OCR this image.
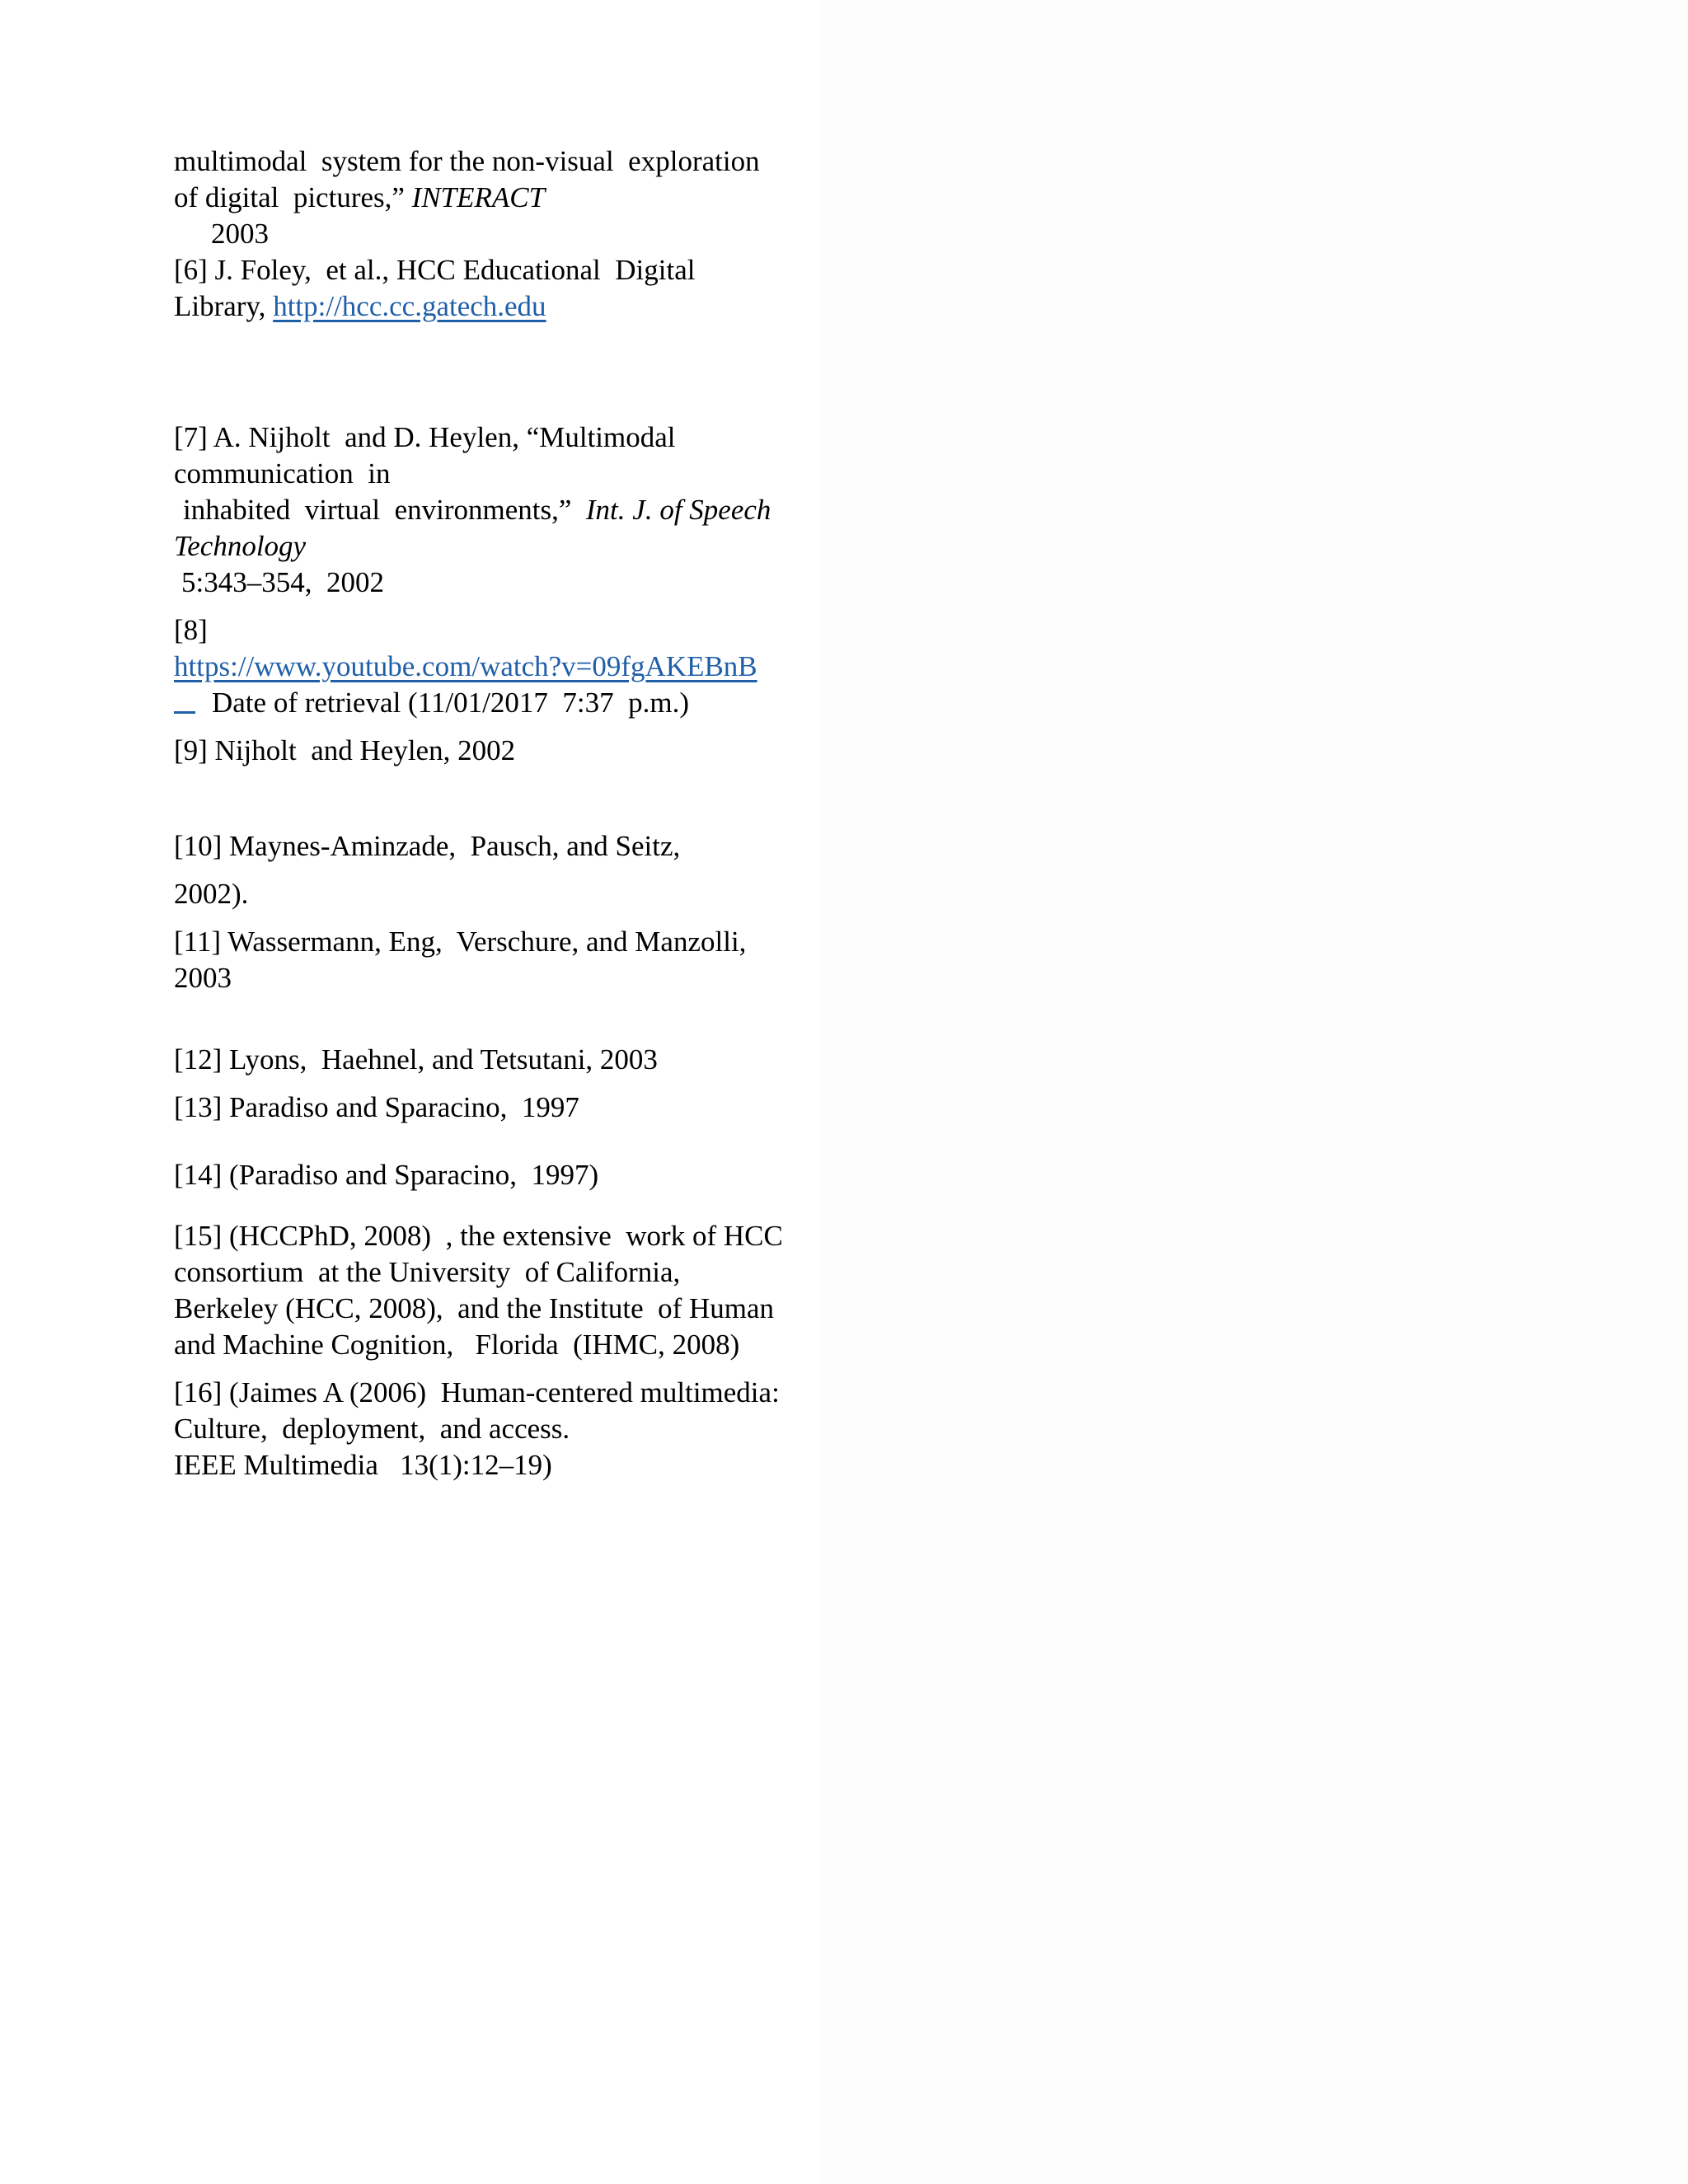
multimodal  system for the non-visual  exploration
of digital  pictures,” INTERACT
2003
[6] J. Foley,  et al., HCC Educational  Digital
Library, http://hcc.cc.gatech.edu
[7] A. Nijholt  and D. Heylen, “Multimodal
communication  in
inhabited  virtual  environments,”  Int. J. of Speech
Technology
5:343–354,  2002
[8]
https://www.youtube.com/watch?v=09fgAKEBnB
Date of retrieval (11/01/2017  7:37  p.m.)
[9] Nijholt  and Heylen, 2002
[10] Maynes-Aminzade,  Pausch, and Seitz,
2002).
[11] Wassermann, Eng,  Verschure, and Manzolli,
2003
[12] Lyons,  Haehnel, and Tetsutani, 2003
[13] Paradiso and Sparacino,  1997
[14] (Paradiso and Sparacino,  1997)
[15] (HCCPhD, 2008)  , the extensive  work of HCC
consortium  at the University  of California,
Berkeley (HCC, 2008),  and the Institute  of Human
and Machine Cognition,   Florida  (IHMC, 2008)
[16] (Jaimes A (2006)  Human-centered multimedia:
Culture,  deployment,  and access.
IEEE Multimedia   13(1):12–19)
